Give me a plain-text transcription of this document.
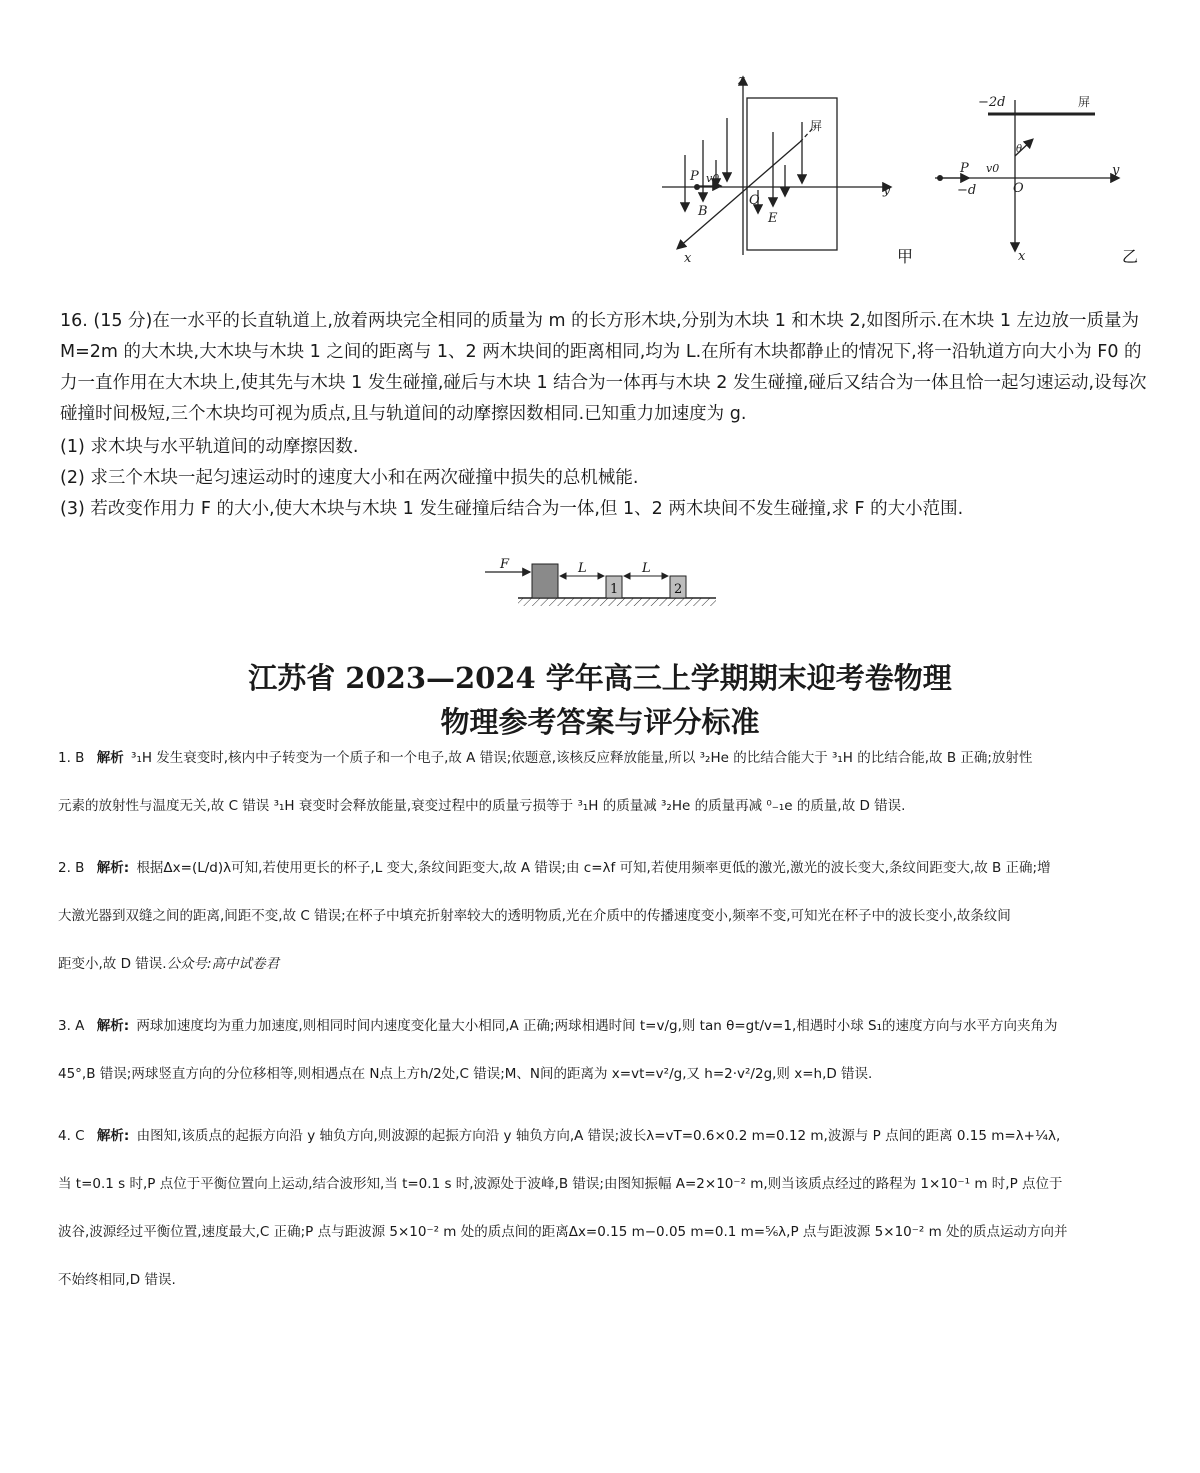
z
y
x
P v0
B
O
E
屏
甲
−2d
θ
P v0
−d	O
y
x
屏
乙

16. (15 分)在一水平的长直轨道上,放着两块完全相同的质量为 m 的长方形木块,分别为木块 1 和木块 2,如图所示.在木块 1 左边放一质量为 M=2m 的大木块,大木块与木块 1 之间的距离与 1、2 两木块间的距离相同,均为 L.在所有木块都静止的情况下,将一沿轨道方向大小为 F0 的力一直作用在大木块上,使其先与木块 1 发生碰撞,碰后与木块 1 结合为一体再与木块 2 发生碰撞,碰后又结合为一体且恰一起匀速运动,设每次碰撞时间极短,三个木块均可视为质点,且与轨道间的动摩擦因数相同.已知重力加速度为 g.

(1) 求木块与水平轨道间的动摩擦因数.

(2) 求三个木块一起匀速运动时的速度大小和在两次碰撞中损失的总机械能.

(3) 若改变作用力 F 的大小,使大木块与木块 1 发生碰撞后结合为一体,但 1、2 两木块间不发生碰撞,求 F 的大小范围.

F	L
1
L
2
江苏省 2023—2024 学年高三上学期期末迎考卷物理
物理参考答案与评分标准

1. B 解析 ³₁H 发生衰变时,核内中子转变为一个质子和一个电子,故 A 错误;依题意,该核反应释放能量,所以 ³₂He 的比结合能大于 ³₁H 的比结合能,故 B 正确;放射性

元素的放射性与温度无关,故 C 错误 ³₁H 衰变时会释放能量,衰变过程中的质量亏损等于 ³₁H 的质量减 ³₂He 的质量再减 ⁰₋₁e 的质量,故 D 错误.

2. B 解析: 根据Δx=(L/d)λ可知,若使用更长的杯子,L 变大,条纹间距变大,故 A 错误;由 c=λf 可知,若使用频率更低的激光,激光的波长变大,条纹间距变大,故 B 正确;增

大激光器到双缝之间的距离,间距不变,故 C 错误;在杯子中填充折射率较大的透明物质,光在介质中的传播速度变小,频率不变,可知光在杯子中的波长变小,故条纹间

距变小,故 D 错误.公众号:高中试卷君

3. A 解析: 两球加速度均为重力加速度,则相同时间内速度变化量大小相同,A 正确;两球相遇时间 t=v/g,则 tan θ=gt/v=1,相遇时小球 S₁的速度方向与水平方向夹角为

45°,B 错误;两球竖直方向的分位移相等,则相遇点在 N点上方h/2处,C 错误;M、N间的距离为 x=vt=v²/g,又 h=2·v²/2g,则 x=h,D 错误.

4. C 解析: 由图知,该质点的起振方向沿 y 轴负方向,则波源的起振方向沿 y 轴负方向,A 错误;波长λ=vT=0.6×0.2 m=0.12 m,波源与 P 点间的距离 0.15 m=λ+¼λ,

当 t=0.1 s 时,P 点位于平衡位置向上运动,结合波形知,当 t=0.1 s 时,波源处于波峰,B 错误;由图知振幅 A=2×10⁻² m,则当该质点经过的路程为 1×10⁻¹ m 时,P 点位于

波谷,波源经过平衡位置,速度最大,C 正确;P 点与距波源 5×10⁻² m 处的质点间的距离Δx=0.15 m−0.05 m=0.1 m=⅚λ,P 点与距波源 5×10⁻² m 处的质点运动方向并

不始终相同,D 错误.
